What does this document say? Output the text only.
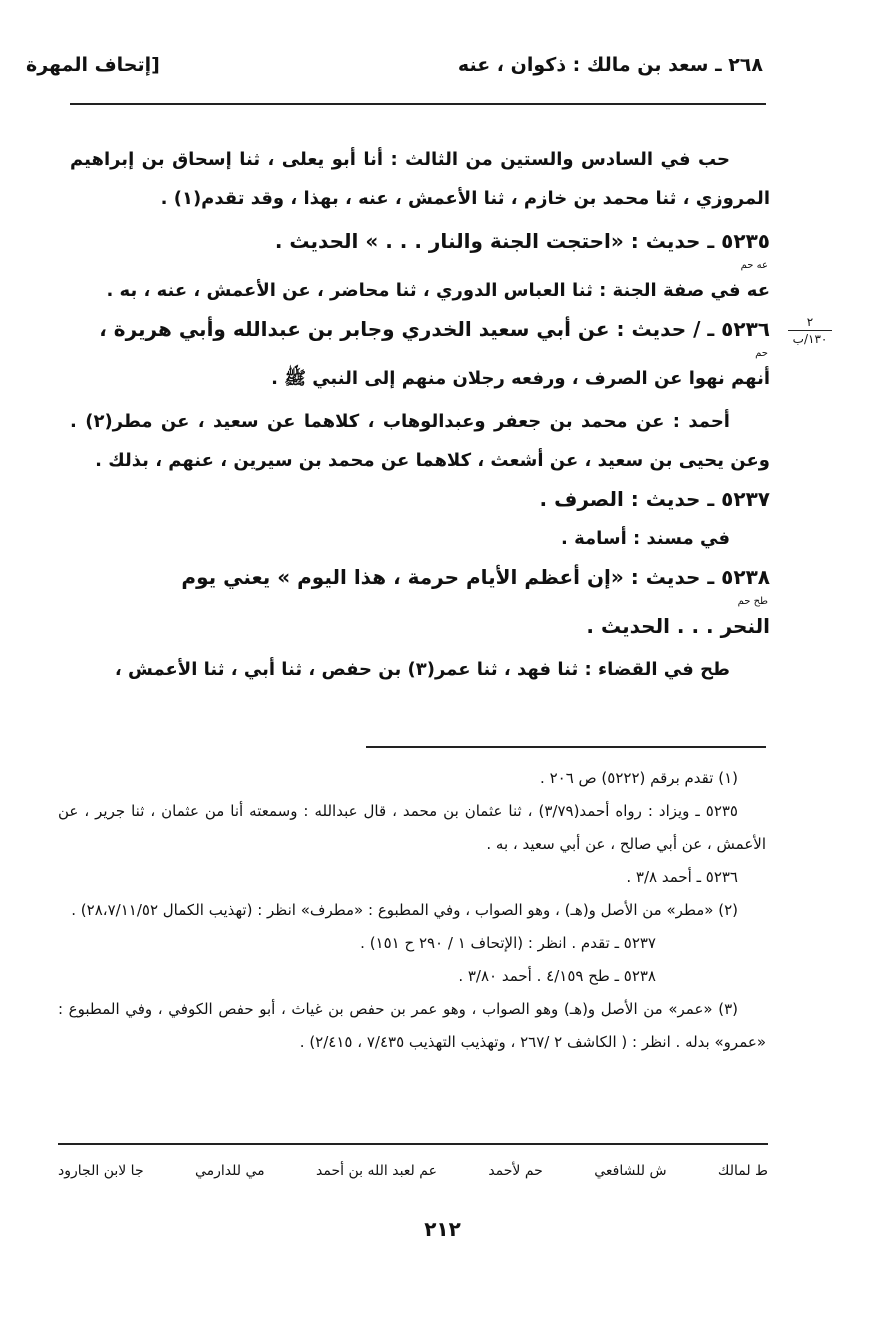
٢٦٨ ـ سعد بن مالك : ذكوان ، عنه
[إتحاف المهرة
٢
١٣٠/ب

حب في السادس والستين من الثالث : أنا أبو يعلى ، ثنا إسحاق بن إبراهيم المروزي ، ثنا محمد بن خازم ، ثنا الأعمش ، عنه ، بهذا ، وقد تقدم(١) .

٥٢٣٥ ـ حديث : «احتجت الجنة والنار . . . » الحديث .

عه حم

عه في صفة الجنة : ثنا العباس الدوري ، ثنا محاضر ، عن الأعمش ، عنه ، به .

٥٢٣٦ ـ / حديث : عن أبي سعيد الخدري وجابر بن عبدالله وأبي هريرة ،

حم

أنهم نهوا عن الصرف ، ورفعه رجلان منهم إلى النبي ﷺ .

أحمد : عن محمد بن جعفر وعبدالوهاب ، كلاهما عن سعيد ، عن مطر(٢) . وعن يحيى بن سعيد ، عن أشعث ، كلاهما عن محمد بن سيرين ، عنهم ، بذلك .

٥٢٣٧ ـ حديث : الصرف .

في مسند : أسامة .

٥٢٣٨ ـ حديث : «إن أعظم الأيام حرمة ، هذا اليوم » يعني يوم

طح حم

النحر . . . الحديث .

طح في القضاء : ثنا فهد ، ثنا عمر(٣) بن حفص ، ثنا أبي ، ثنا الأعمش ،

(١) تقدم برقم (٥٢٢٢) ص ٢٠٦ .

٥٢٣٥ ـ ويزاد : رواه أحمد(٣/٧٩) ، ثنا عثمان بن محمد ، قال عبدالله : وسمعته أنا من عثمان ، ثنا جرير ، عن الأعمش ، عن أبي صالح ، عن أبي سعيد ، به .

٥٢٣٦ ـ أحمد ٣/٨ .

(٢) «مطر» من الأصل و(هـ) ، وهو الصواب ، وفي المطبوع : «مطرف» انظر : (تهذيب الكمال ٢٨،٧/١١/٥٢) .

٥٢٣٧ ـ تقدم . انظر : (الإتحاف ١ / ٢٩٠ ح ١٥١) .

٥٢٣٨ ـ طح ٤/١٥٩ . أحمد ٣/٨٠ .

(٣) «عمر» من الأصل و(هـ) وهو الصواب ، وهو عمر بن حفص بن غياث ، أبو حفص الكوفي ، وفي المطبوع : «عمرو» بدله . انظر : ( الكاشف ٢ /٢٦٧ ، وتهذيب التهذيب ٧/٤٣٥ ، ٢/٤١٥) .

ط لمالك
ش للشافعي
حم لأحمد
عم لعبد الله بن أحمد
مي للدارمي
جا لابن الجارود
٢١٢
